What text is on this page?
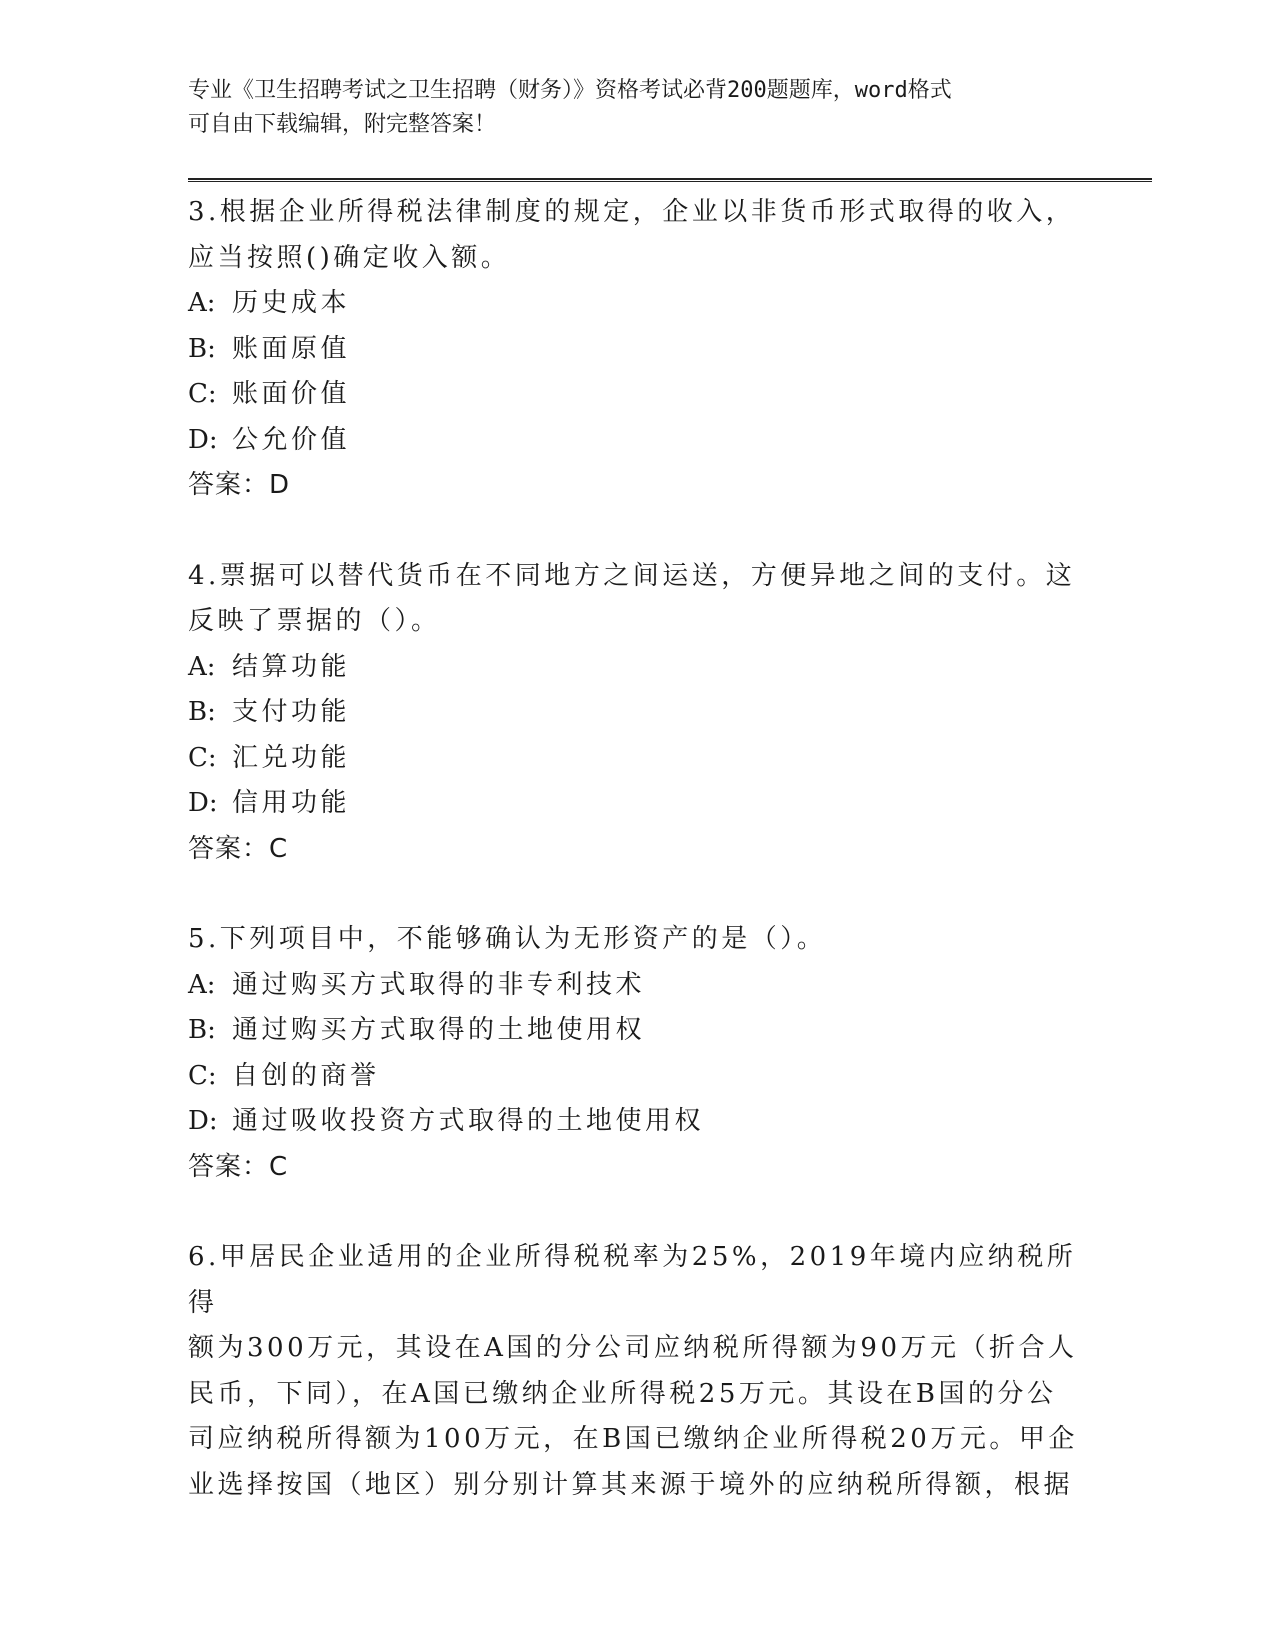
专业《卫生招聘考试之卫生招聘（财务）》资格考试必背200题题库，word格式
可自由下载编辑，附完整答案！

3.根据企业所得税法律制度的规定，企业以非货币形式取得的收入，

应当按照()确定收入额。

A: 历史成本

B: 账面原值

C: 账面价值

D: 公允价值

答案：D

4.票据可以替代货币在不同地方之间运送，方便异地之间的支付。这

反映了票据的（）。

A: 结算功能

B: 支付功能

C: 汇兑功能

D: 信用功能

答案：C

5.下列项目中，不能够确认为无形资产的是（）。

A: 通过购买方式取得的非专利技术

B: 通过购买方式取得的土地使用权

C: 自创的商誉

D: 通过吸收投资方式取得的土地使用权

答案：C

6.甲居民企业适用的企业所得税税率为25%，2019年境内应纳税所得

额为300万元，其设在A国的分公司应纳税所得额为90万元（折合人

民币，下同），在A国已缴纳企业所得税25万元。其设在B国的分公

司应纳税所得额为100万元，在B国已缴纳企业所得税20万元。甲企

业选择按国（地区）别分别计算其来源于境外的应纳税所得额，根据
